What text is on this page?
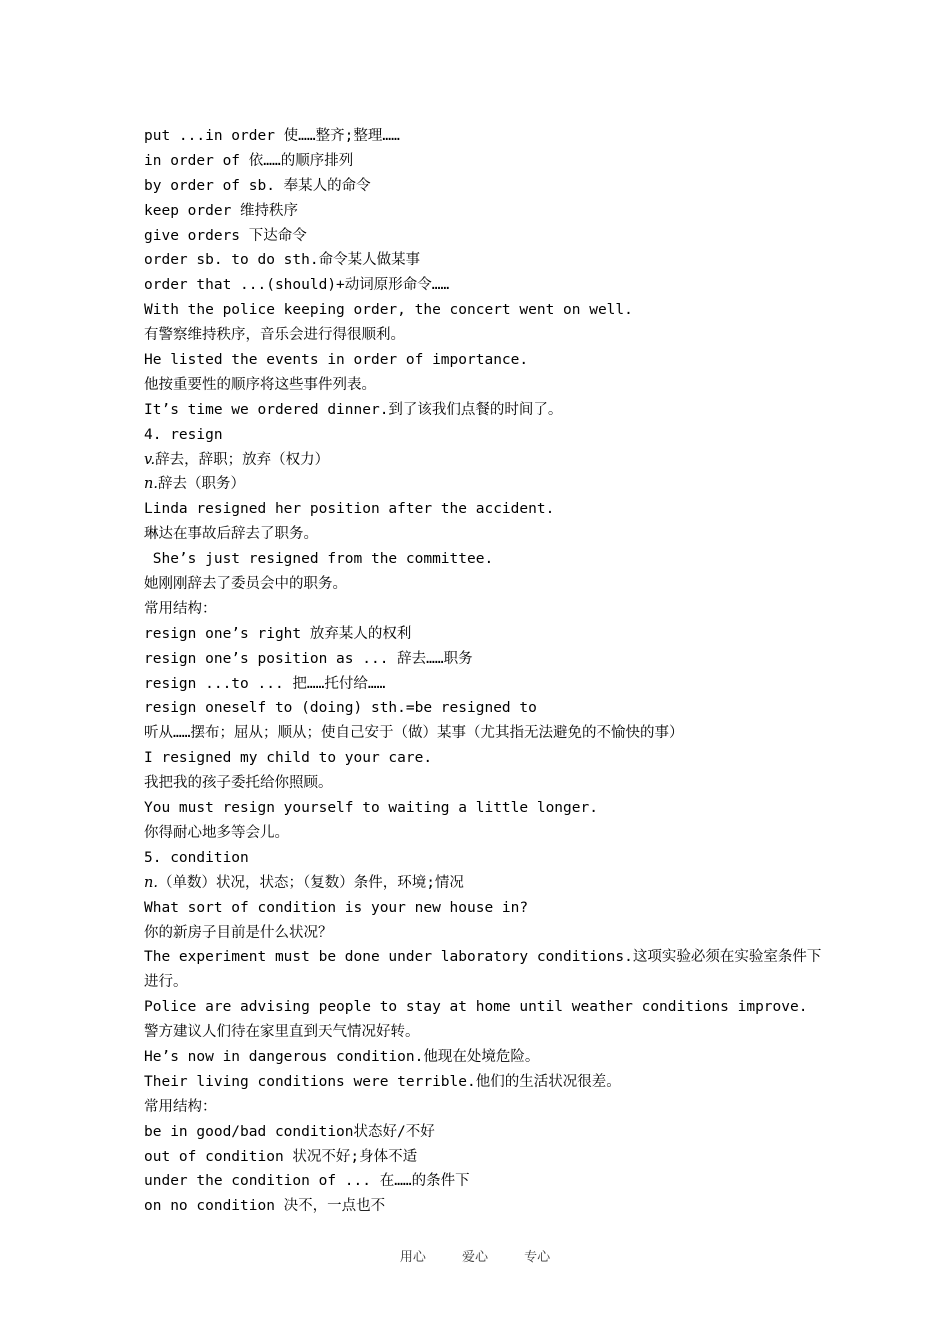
put ...in order 使……整齐;整理……
in order of 依……的顺序排列
by order of sb. 奉某人的命令
keep order 维持秩序
give orders 下达命令
order sb. to do sth.命令某人做某事
order that ...(should)+动词原形命令……
With the police keeping order, the concert went on well.
有警察维持秩序，音乐会进行得很顺利。
He listed the events in order of importance.
他按重要性的顺序将这些事件列表。
It’s time we ordered dinner.到了该我们点餐的时间了。
4. resign
v.辞去，辞职；放弃（权力）
n.辞去（职务）
Linda resigned her position after the accident.
琳达在事故后辞去了职务。
She’s just resigned from the committee.
她刚刚辞去了委员会中的职务。
常用结构：
resign one’s right 放弃某人的权利
resign one’s position as ... 辞去……职务
resign ...to ... 把……托付给……
resign oneself to (doing) sth.=be resigned to
听从……摆布；屈从；顺从；使自己安于（做）某事（尤其指无法避免的不愉快的事）
I resigned my child to your care.
我把我的孩子委托给你照顾。
You must resign yourself to waiting a little longer.
你得耐心地多等会儿。
5. condition
n.（单数）状况，状态；（复数）条件，环境;情况
What sort of condition is your new house in?
你的新房子目前是什么状况？
The experiment must be done under laboratory conditions.这项实验必须在实验室条件下进行。
Police are advising people to stay at home until weather conditions improve.
警方建议人们待在家里直到天气情况好转。
He’s now in dangerous condition.他现在处境危险。
Their living conditions were terrible.他们的生活状况很差。
常用结构：
be in good/bad condition状态好/不好
out of condition 状况不好;身体不适
under the condition of ... 在……的条件下
on no condition 决不，一点也不
用心	爱心	专心
